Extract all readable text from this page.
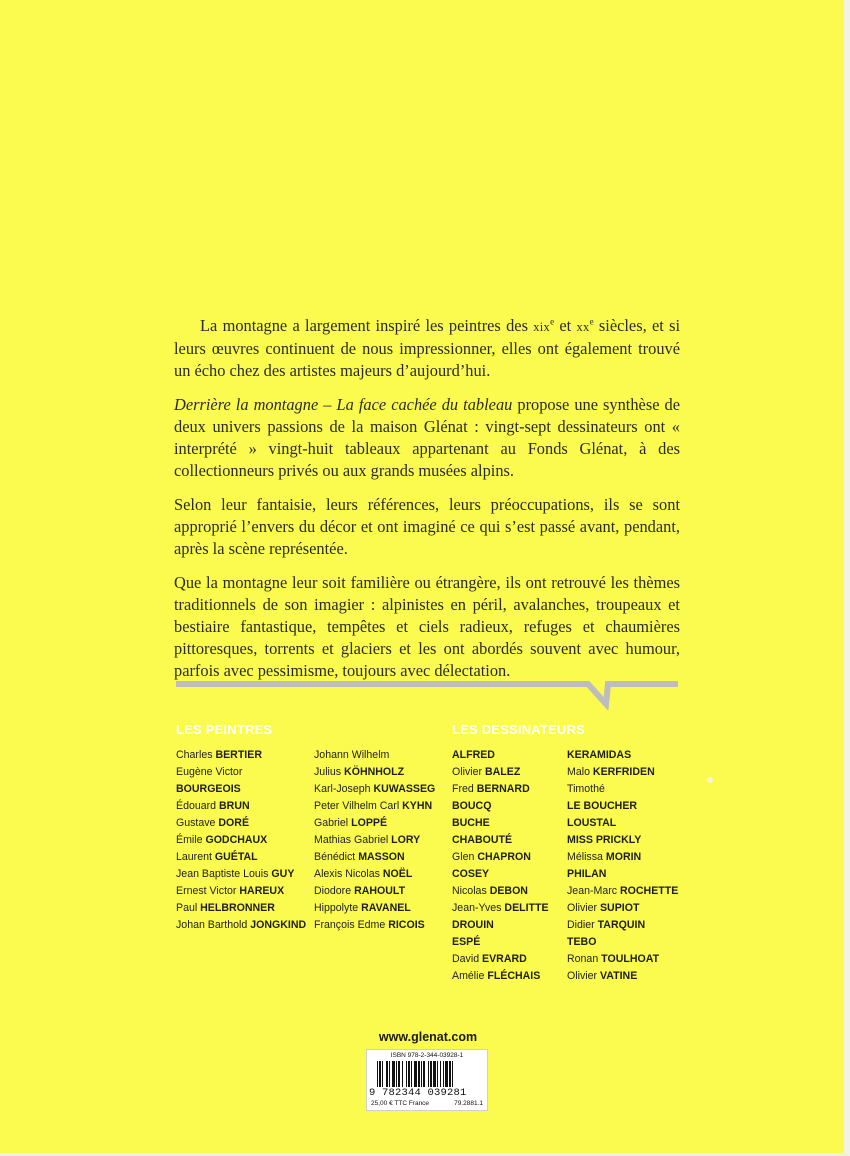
La montagne a largement inspiré les peintres des xix$^e$ et $xx^e$ siècles, et si leurs œuvres continuent de nous impressionner, elles ont également trouvé un écho chez des artistes majeurs d’aujourd’hui.

Derrière la montagne – La face cachée du tableau propose une synthèse de deux univers passions de la maison Glénat : vingt-sept dessinateurs ont « interprété » vingt-huit tableaux appartenant au Fonds Glénat, à des collectionneurs privés ou aux grands musées alpins.

Selon leur fantaisie, leurs références, leurs préoccupations, ils se sont approprié l’envers du décor et ont imaginé ce qui s’est passé avant, pendant, après la scène représentée.

Que la montagne leur soit familière ou étrangère, ils ont retrouvé les thèmes traditionnels de son imagier : alpinistes en péril, avalanches, troupeaux et bestiaire fantastique, tempêtes et ciels radieux, refuges et chaumières pittoresques, torrents et glaciers et les ont abordés souvent avec humour, parfois avec pessimisme, toujours avec délectation.

LES PEINTRES	LES DESSINATEURS
Charles BERTIER
Eugène Victor
BOURGEOIS
Édouard BRUN
Gustave DORÉ
Émile GODCHAUX
Laurent GUÉTAL
Jean Baptiste Louis GUY
Ernest Victor HAREUX
Paul HELBRONNER
Johan Barthold JONGKIND
Johann Wilhelm
Julius KÖHNHOLZ
Karl-Joseph KUWASSEG
Peter Vilhelm Carl KYHN
Gabriel LOPPÉ
Mathias Gabriel LORY
Bénédict MASSON
Alexis Nicolas NOËL
Diodore RAHOULT
Hippolyte RAVANEL
François Edme RICOIS
ALFRED
Olivier BALEZ
Fred BERNARD
BOUCQ
BUCHE
CHABOUTÉ
Glen CHAPRON
COSEY
Nicolas DEBON
Jean-Yves DELITTE
DROUIN
ESPÉ
David EVRARD
Amélie FLÉCHAIS
KERAMIDAS
Malo KERFRIDEN
Timothé
LE BOUCHER
LOUSTAL
MISS PRICKLY
Mélissa MORIN
PHILAN
Jean-Marc ROCHETTE
Olivier SUPIOT
Didier TARQUIN
TEBO
Ronan TOULHOAT
Olivier VATINE
www.glenat.com
ISBN 978-2-344-03928-1
9 782344 039281
25,00 € TTC France	79.2881.1
